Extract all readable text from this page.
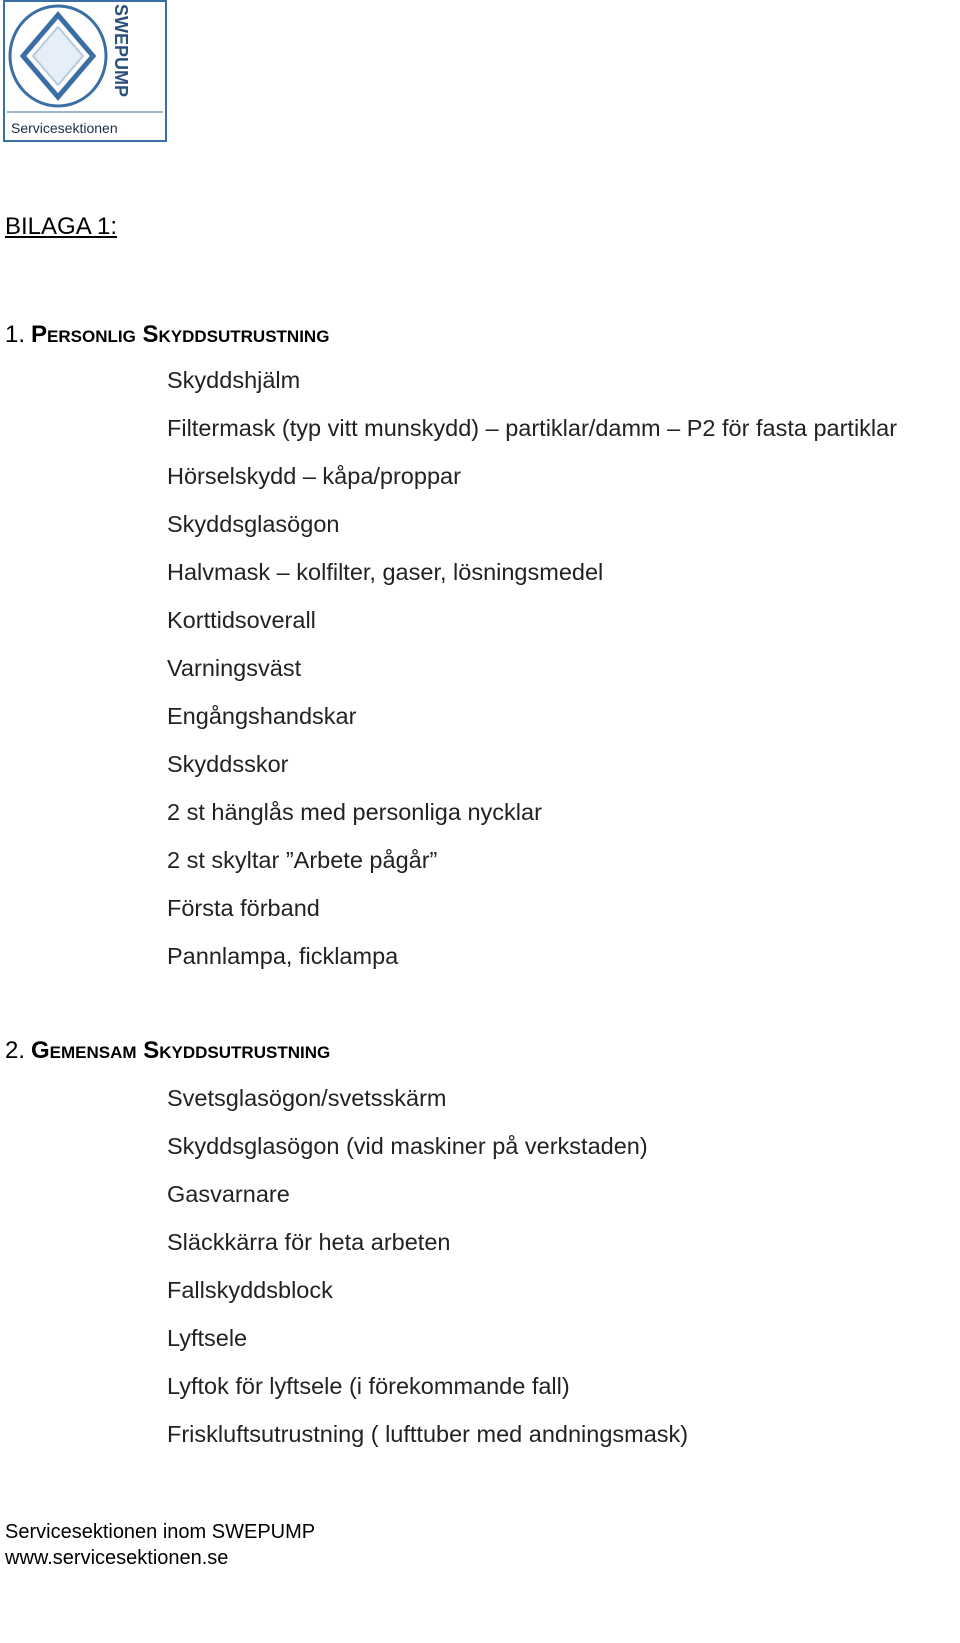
SWEPUMP
Servicesektionen
BILAGA 1:
1. Personlig Skyddsutrustning
Skyddshjälm
Filtermask (typ vitt munskydd) – partiklar/damm – P2 för fasta partiklar
Hörselskydd – kåpa/proppar
Skyddsglasögon
Halvmask – kolfilter, gaser, lösningsmedel
Korttidsoverall
Varningsväst
Engångshandskar
Skyddsskor
2 st hänglås med personliga nycklar
2 st skyltar ”Arbete pågår”
Första förband
Pannlampa, ficklampa
2. Gemensam Skyddsutrustning
Svetsglasögon/svetsskärm
Skyddsglasögon (vid maskiner på verkstaden)
Gasvarnare
Släckkärra för heta arbeten
Fallskyddsblock
Lyftsele
Lyftok för lyftsele (i förekommande fall)
Friskluftsutrustning ( lufttuber med andningsmask)
Servicesektionen inom SWEPUMP
www.servicesektionen.se
